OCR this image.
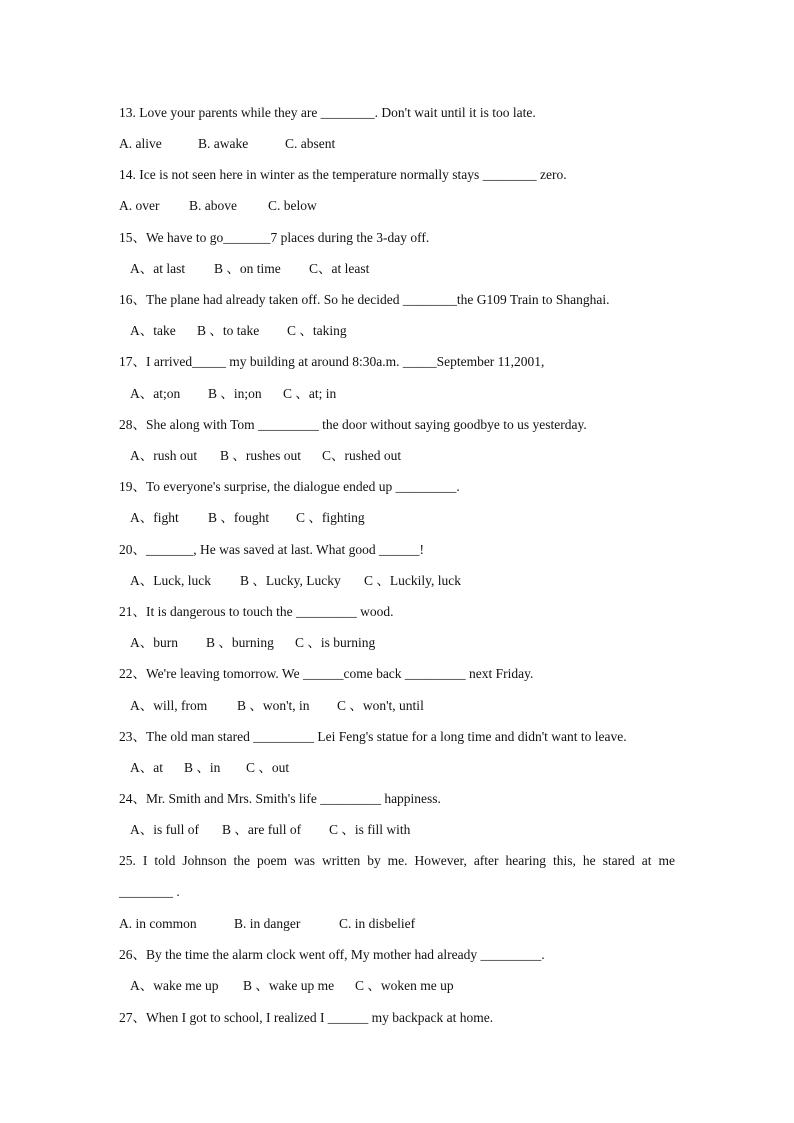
13. Love your parents while they are ________. Don't wait until it is too late.
A. alive	B. awake	C. absent
14. Ice is not seen here in winter as the temperature normally stays ________ zero.
A. over B. above C. below
15、We have to go_______7 places during the 3-day off.
A、at last B 、on time C、at least
16、The plane had already taken off. So he decided ________the G109 Train to Shanghai.
A、take B 、to take C 、taking
17、I arrived_____ my building at around 8:30a.m. _____September 11,2001,
A、at;on B 、in;on C 、at; in
28、She along with Tom _________ the door without saying goodbye to us yesterday.
A、rush out B 、rushes out C、rushed out
19、To everyone's surprise, the dialogue ended up _________.
A、fight B 、fought C 、fighting
20、_______, He was saved at last. What good ______!
A、Luck, luck B 、Lucky, Lucky C 、Luckily, luck
21、It is dangerous to touch the _________ wood.
A、burn B 、burning C 、is burning
22、We're leaving tomorrow. We ______come back _________ next Friday.
A、will, from B 、won't, in C 、won't, until
23、The old man stared _________ Lei Feng's statue for a long time and didn't want to leave.
A、at B 、in C 、out
24、Mr. Smith and Mrs. Smith's life _________ happiness.
A、is full of B 、are full of C 、is fill with
25. I told Johnson the poem was written by me. However, after hearing this, he stared at me
________ .
A. in common	B. in danger	C. in disbelief
26、By the time the alarm clock went off, My mother had already _________.
A、wake me up B 、wake up me C 、woken me up
27、When I got to school, I realized I ______ my backpack at home.
